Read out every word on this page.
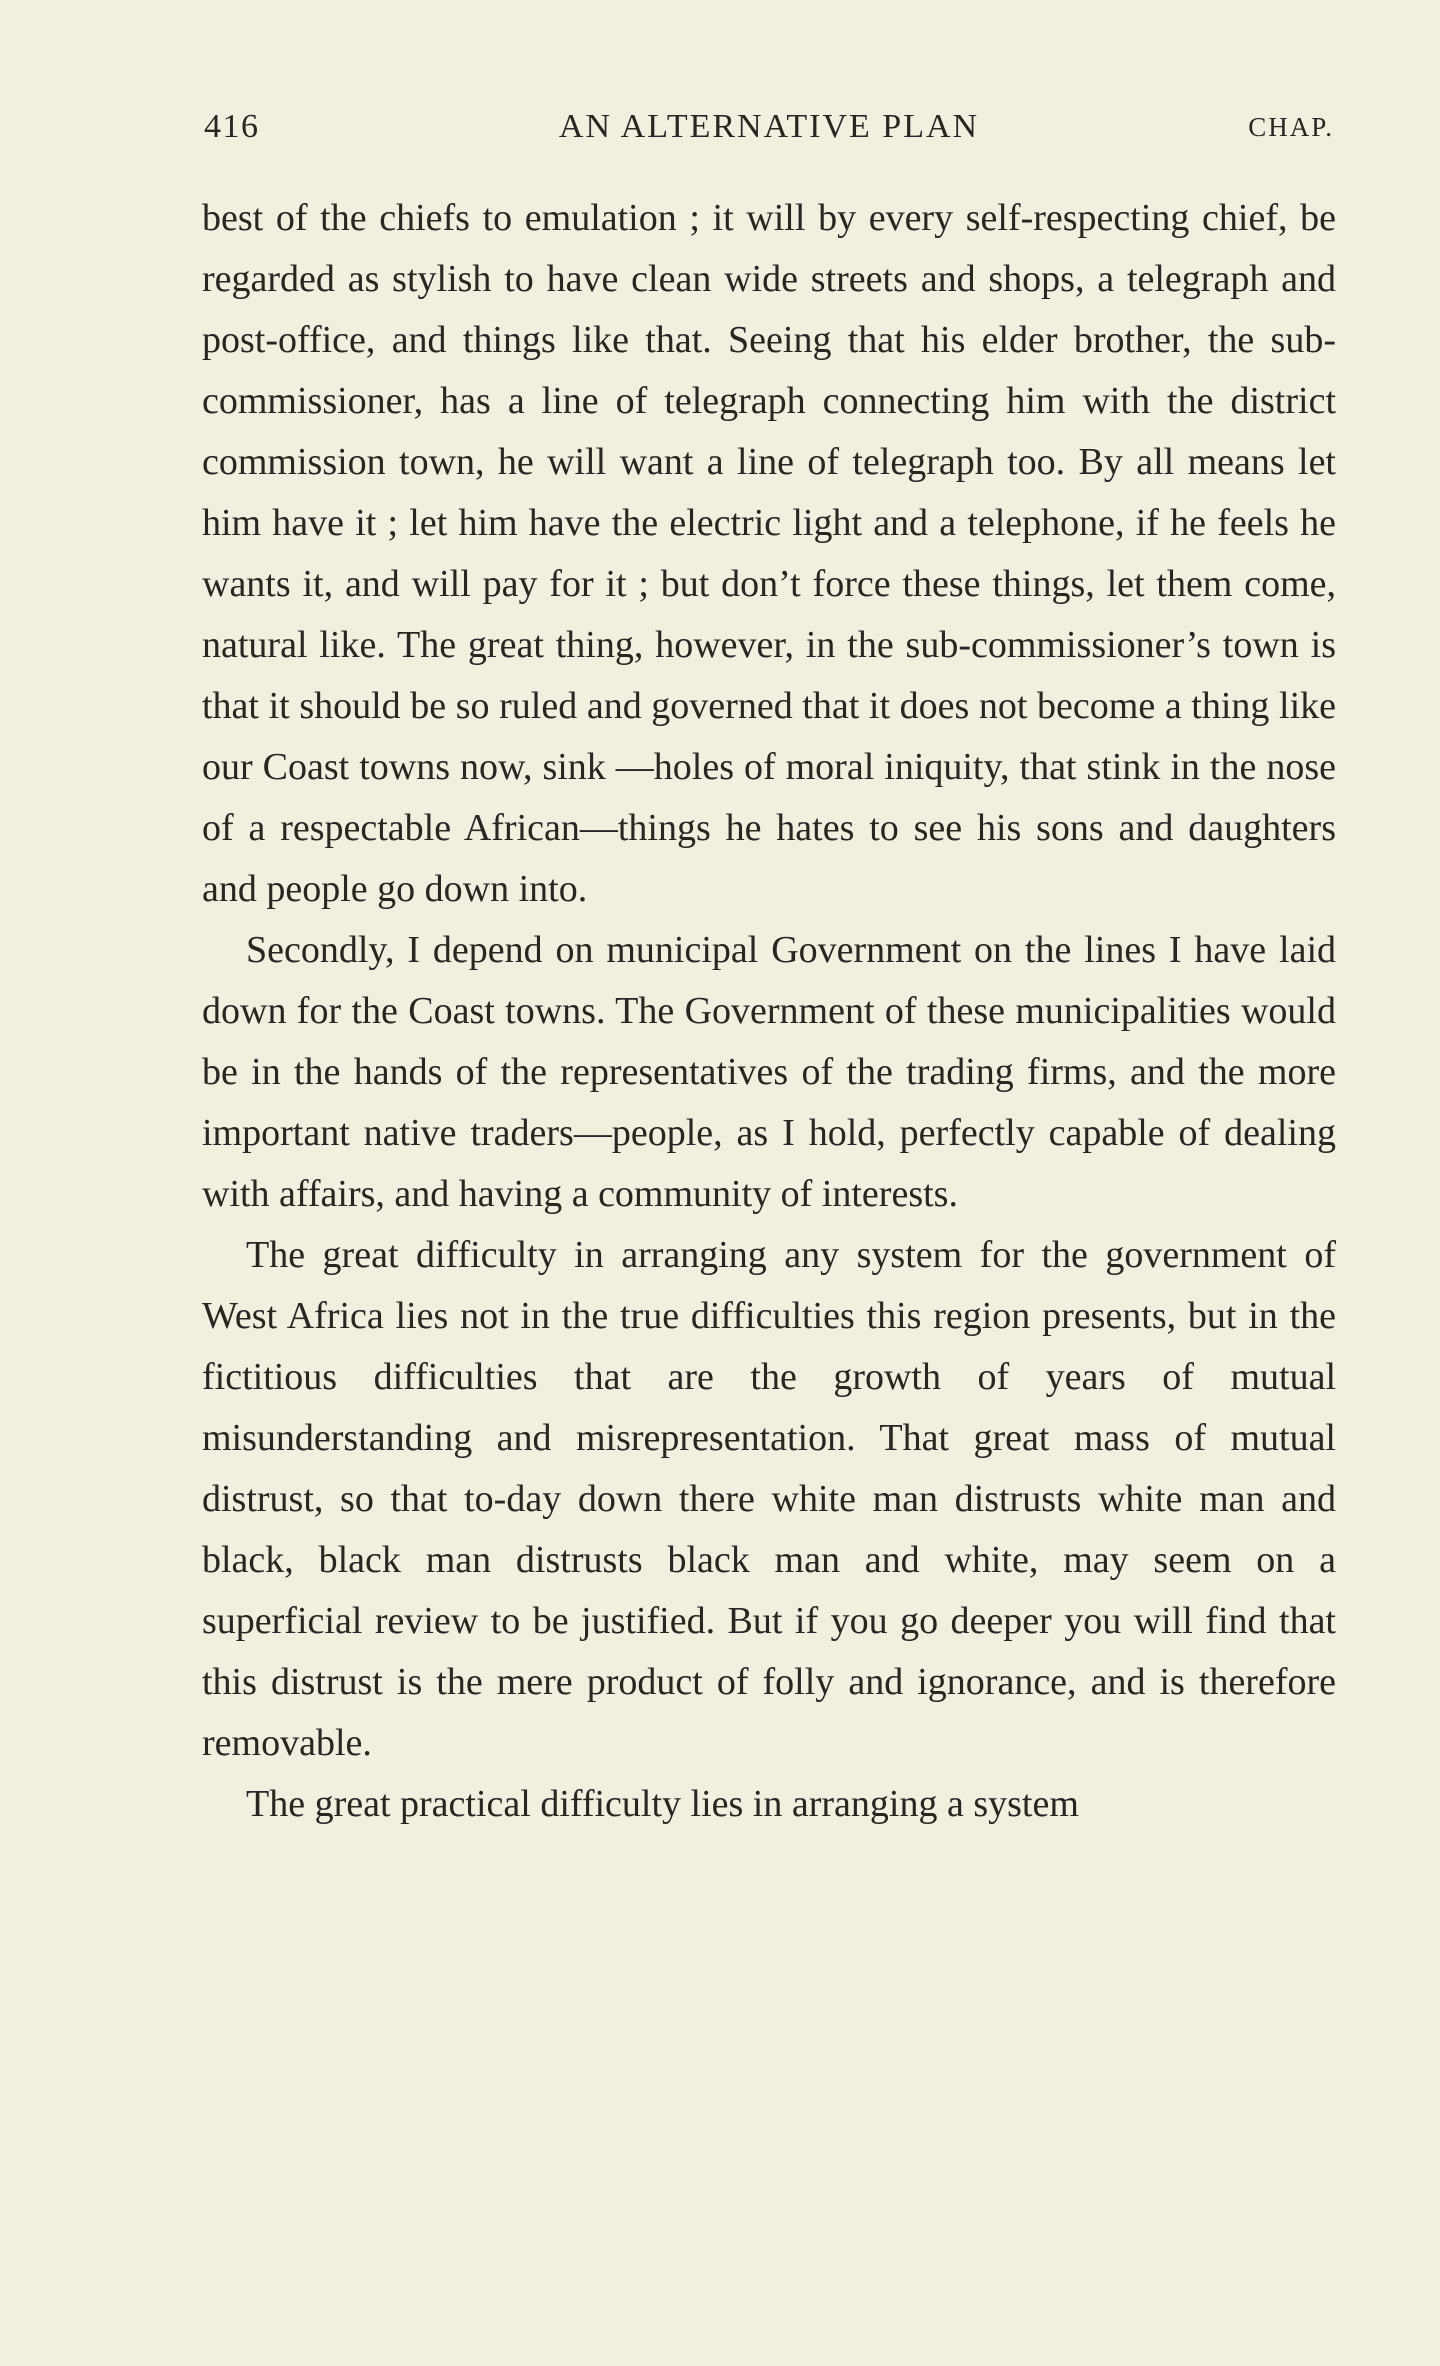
416	AN ALTERNATIVE PLAN	CHAP.

best of the chiefs to emulation ; it will by every self-respecting chief, be regarded as stylish to have clean wide streets and shops, a telegraph and post-office, and things like that. Seeing that his elder brother, the sub-commissioner, has a line of telegraph connecting him with the district commission town, he will want a line of telegraph too. By all means let him have it ; let him have the electric light and a telephone, if he feels he wants it, and will pay for it ; but don’t force these things, let them come, natural like. The great thing, however, in the sub-commissioner’s town is that it should be so ruled and governed that it does not become a thing like our Coast towns now, sink —holes of moral iniquity, that stink in the nose of a respectable African—things he hates to see his sons and daughters and people go down into.

Secondly, I depend on municipal Government on the lines I have laid down for the Coast towns. The Government of these municipalities would be in the hands of the representatives of the trading firms, and the more important native traders—people, as I hold, perfectly capable of dealing with affairs, and having a community of interests.

The great difficulty in arranging any system for the government of West Africa lies not in the true difficulties this region presents, but in the fictitious difficulties that are the growth of years of mutual misunderstanding and misrepresentation. That great mass of mutual distrust, so that to-day down there white man distrusts white man and black, black man distrusts black man and white, may seem on a superficial review to be justified. But if you go deeper you will find that this distrust is the mere product of folly and ignorance, and is therefore removable.

The great practical difficulty lies in arranging a system
